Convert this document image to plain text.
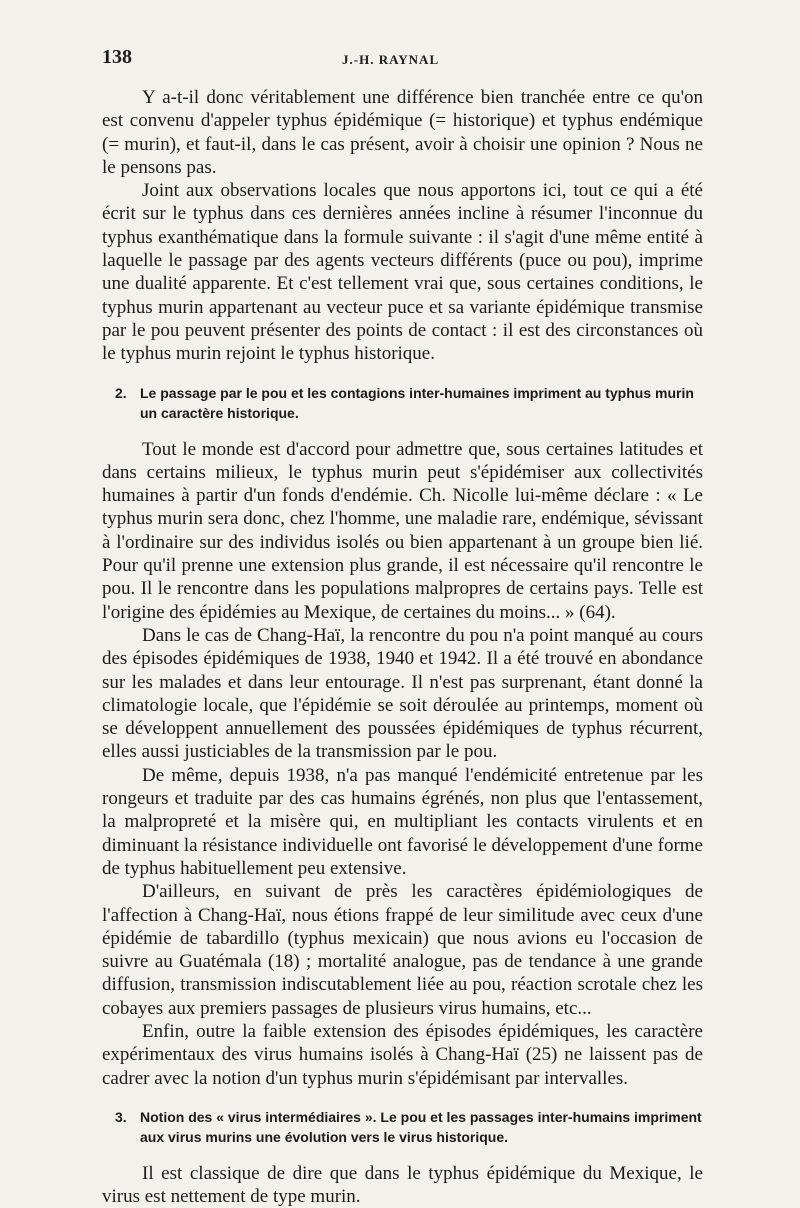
138	J.-H. RAYNAL

Y a-t-il donc véritablement une différence bien tranchée entre ce qu'on est convenu d'appeler typhus épidémique (= historique) et typhus endémique (= murin), et faut-il, dans le cas présent, avoir à choisir une opinion ? Nous ne le pensons pas.

Joint aux observations locales que nous apportons ici, tout ce qui a été écrit sur le typhus dans ces dernières années incline à résumer l'inconnue du typhus exanthématique dans la formule suivante : il s'agit d'une même entité à laquelle le passage par des agents vecteurs différents (puce ou pou), imprime une dualité apparente. Et c'est tellement vrai que, sous certaines conditions, le typhus murin appartenant au vecteur puce et sa variante épidémique transmise par le pou peuvent présenter des points de contact : il est des circonstances où le typhus murin rejoint le typhus historique.

2. Le passage par le pou et les contagions inter-humaines impriment au typhus murin un caractère historique.

Tout le monde est d'accord pour admettre que, sous certaines latitudes et dans certains milieux, le typhus murin peut s'épidémiser aux collectivités humaines à partir d'un fonds d'endémie. Ch. Nicolle lui-même déclare : « Le typhus murin sera donc, chez l'homme, une maladie rare, endémique, sévissant à l'ordinaire sur des individus isolés ou bien appartenant à un groupe bien lié. Pour qu'il prenne une extension plus grande, il est nécessaire qu'il rencontre le pou. Il le rencontre dans les populations malpropres de certains pays. Telle est l'origine des épidémies au Mexique, de certaines du moins... » (64).

Dans le cas de Chang-Haï, la rencontre du pou n'a point manqué au cours des épisodes épidémiques de 1938, 1940 et 1942. Il a été trouvé en abondance sur les malades et dans leur entourage. Il n'est pas surprenant, étant donné la climatologie locale, que l'épidémie se soit déroulée au printemps, moment où se développent annuellement des poussées épidémiques de typhus récurrent, elles aussi justiciables de la transmission par le pou.

De même, depuis 1938, n'a pas manqué l'endémicité entretenue par les rongeurs et traduite par des cas humains égrénés, non plus que l'entassement, la malpropreté et la misère qui, en multipliant les contacts virulents et en diminuant la résistance individuelle ont favorisé le développement d'une forme de typhus habituellement peu extensive.

D'ailleurs, en suivant de près les caractères épidémiologiques de l'affection à Chang-Haï, nous étions frappé de leur similitude avec ceux d'une épidémie de tabardillo (typhus mexicain) que nous avions eu l'occasion de suivre au Guatémala (18) ; mortalité analogue, pas de tendance à une grande diffusion, transmission indiscutablement liée au pou, réaction scrotale chez les cobayes aux premiers passages de plusieurs virus humains, etc...

Enfin, outre la faible extension des épisodes épidémiques, les caractère expérimentaux des virus humains isolés à Chang-Haï (25) ne laissent pas de cadrer avec la notion d'un typhus murin s'épidémisant par intervalles.

3. Notion des « virus intermédiaires ». Le pou et les passages inter-humains impriment aux virus murins une évolution vers le virus historique.

Il est classique de dire que dans le typhus épidémique du Mexique, le virus est nettement de type murin.
